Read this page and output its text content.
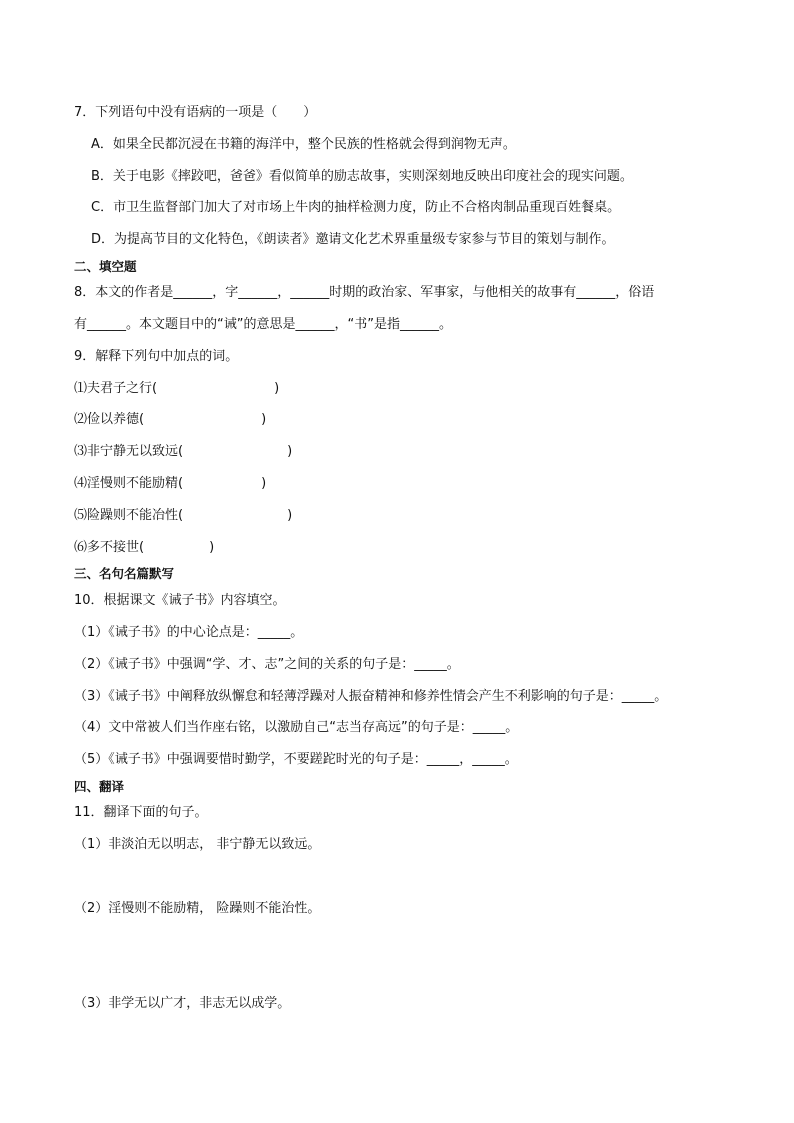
7．下列语句中没有语病的一项是（　　）
A．如果全民都沉浸在书籍的海洋中，整个民族的性格就会得到润物无声。
B．关于电影《摔跤吧，爸爸》看似简单的励志故事，实则深刻地反映出印度社会的现实问题。
C．市卫生监督部门加大了对市场上牛肉的抽样检测力度，防止不合格肉制品重现百姓餐桌。
D．为提高节目的文化特色，《朗读者》邀请文化艺术界重量级专家参与节目的策划与制作。
二、填空题
8．本文的作者是______，字______，______时期的政治家、军事家，与他相关的故事有______，俗语
有______。本文题目中的“诫”的意思是______，“书”是指______。
9．解释下列句中加点的词。
⑴夫君子之行(　　　　　　　　　)
⑵俭以养德(　　　　　　　　　)
⑶非宁静无以致远(　　　　　　　　)
⑷淫慢则不能励精(　　　　　　)
⑸险躁则不能冶性(　　　　　　　　)
⑹多不接世(　　　　　)
三、名句名篇默写
10．根据课文《诫子书》内容填空。
（1）《诫子书》的中心论点是：_____。
（2）《诫子书》中强调“学、才、志”之间的关系的句子是：_____。
（3）《诫子书》中阐释放纵懈怠和轻薄浮躁对人振奋精神和修养性情会产生不利影响的句子是：_____。
（4）文中常被人们当作座右铭，以激励自己“志当存高远”的句子是：_____。
（5）《诫子书》中强调要惜时勤学，不要蹉跎时光的句子是：_____，_____。
四、翻译
11．翻译下面的句子。
（1）非淡泊无以明志， 非宁静无以致远。
（2）淫慢则不能励精， 险躁则不能治性。
（3）非学无以广才，非志无以成学。
